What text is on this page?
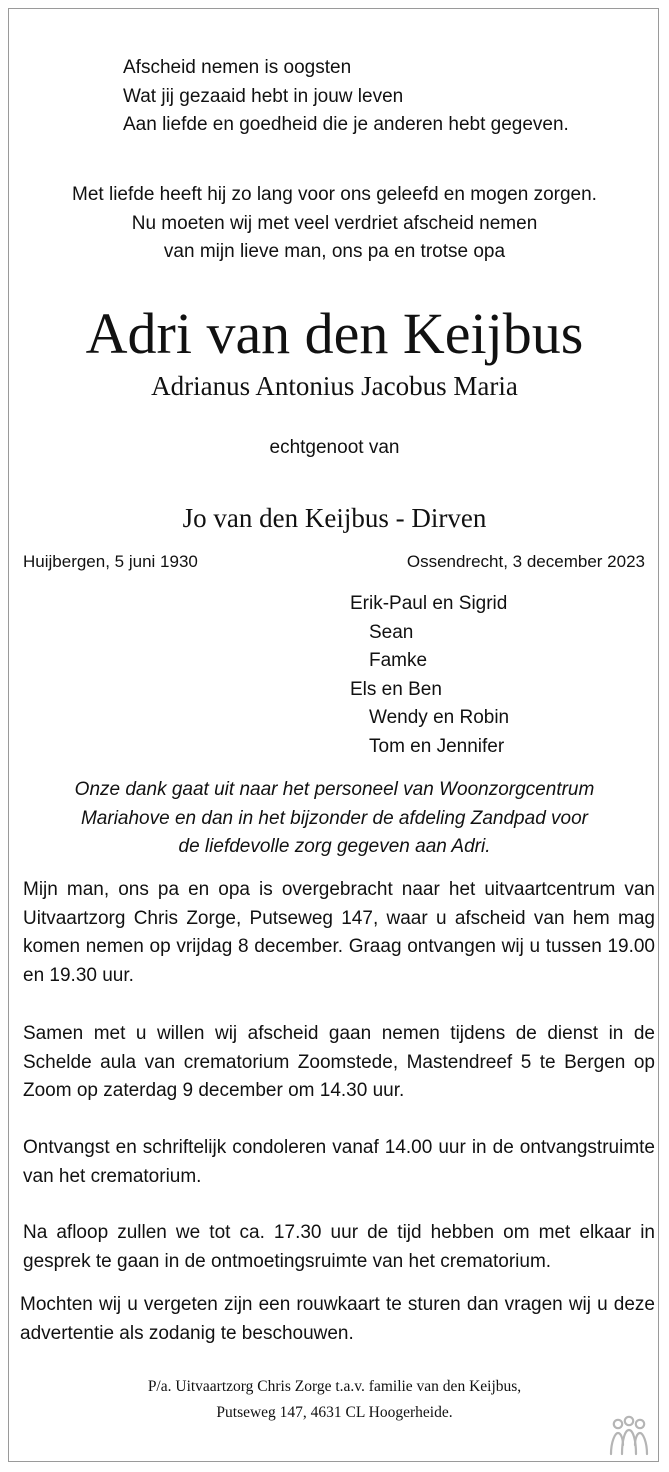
Afscheid nemen is oogsten
Wat jij gezaaid hebt in jouw leven
Aan liefde en goedheid die je anderen hebt gegeven.
Met liefde heeft hij zo lang voor ons geleefd en mogen zorgen.
Nu moeten wij met veel verdriet afscheid nemen
van mijn lieve man, ons pa en trotse opa
Adri van den Keijbus
Adrianus Antonius Jacobus Maria
echtgenoot van
Jo van den Keijbus - Dirven
Huijbergen, 5 juni 1930	Ossendrecht, 3 december 2023
Erik-Paul en Sigrid
Sean
Famke
Els en Ben
Wendy en Robin
Tom en Jennifer
Onze dank gaat uit naar het personeel van Woonzorgcentrum
Mariahove en dan in het bijzonder de afdeling Zandpad voor
de liefdevolle zorg gegeven aan Adri.
Mijn man, ons pa en opa is overgebracht naar het uitvaartcentrum van Uitvaartzorg Chris Zorge, Putseweg 147, waar u afscheid van hem mag komen nemen op vrijdag 8 december. Graag ontvangen wij u tussen 19.00 en 19.30 uur.
Samen met u willen wij afscheid gaan nemen tijdens de dienst in de Schelde aula van crematorium Zoomstede, Mastendreef 5 te Bergen op Zoom op zaterdag 9 december om 14.30 uur.
Ontvangst en schriftelijk condoleren vanaf 14.00 uur in de ontvangstruimte van het crematorium.
Na afloop zullen we tot ca. 17.30 uur de tijd hebben om met elkaar in gesprek te gaan in de ontmoetingsruimte van het crematorium.
Mochten wij u vergeten zijn een rouwkaart te sturen dan vragen wij u deze advertentie als zodanig te beschouwen.
P/a. Uitvaartzorg Chris Zorge t.a.v. familie van den Keijbus,
Putseweg 147, 4631 CL Hoogerheide.
